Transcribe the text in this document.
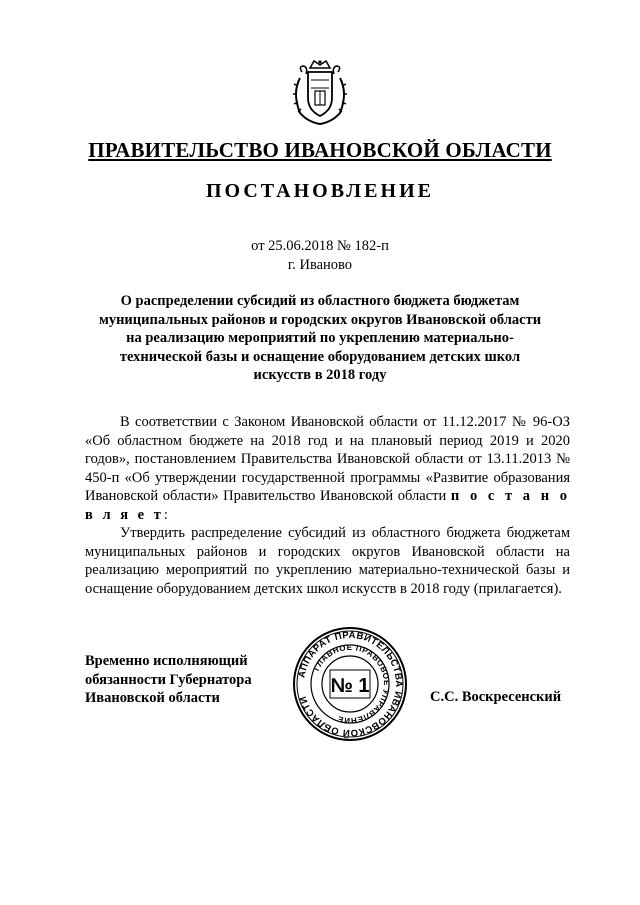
ПРАВИТЕЛЬСТВО ИВАНОВСКОЙ ОБЛАСТИ
ПОСТАНОВЛЕНИЕ
от 25.06.2018 № 182-п
г. Иваново
О распределении субсидий из областного бюджета бюджетам
муниципальных районов и городских округов Ивановской области
на реализацию мероприятий по укреплению материально-
технической базы и оснащение оборудованием детских школ
искусств в 2018 году

В соответствии с Законом Ивановской области от 11.12.2017 № 96-ОЗ «Об областном бюджете на 2018 год и на плановый период 2019 и 2020 годов», постановлением Правительства Ивановской области от 13.11.2013 № 450-п «Об утверждении государственной программы «Развитие образования Ивановской области» Правительство Ивановской области п о с т а н о в л я е т:

Утвердить распределение субсидий из областного бюджета бюджетам муниципальных районов и городских округов Ивановской области на реализацию мероприятий по укреплению материально-технической базы и оснащение оборудованием детских школ искусств в 2018 году (прилагается).

Временно исполняющий
обязанности Губернатора
Ивановской области
АППАРАТ ПРАВИТЕЛЬСТВА ИВАНОВСКОЙ ОБЛАСТИ
ГЛАВНОЕ ПРАВОВОЕ УПРАВЛЕНИЕ
№ 1	С.С. Воскресенский
